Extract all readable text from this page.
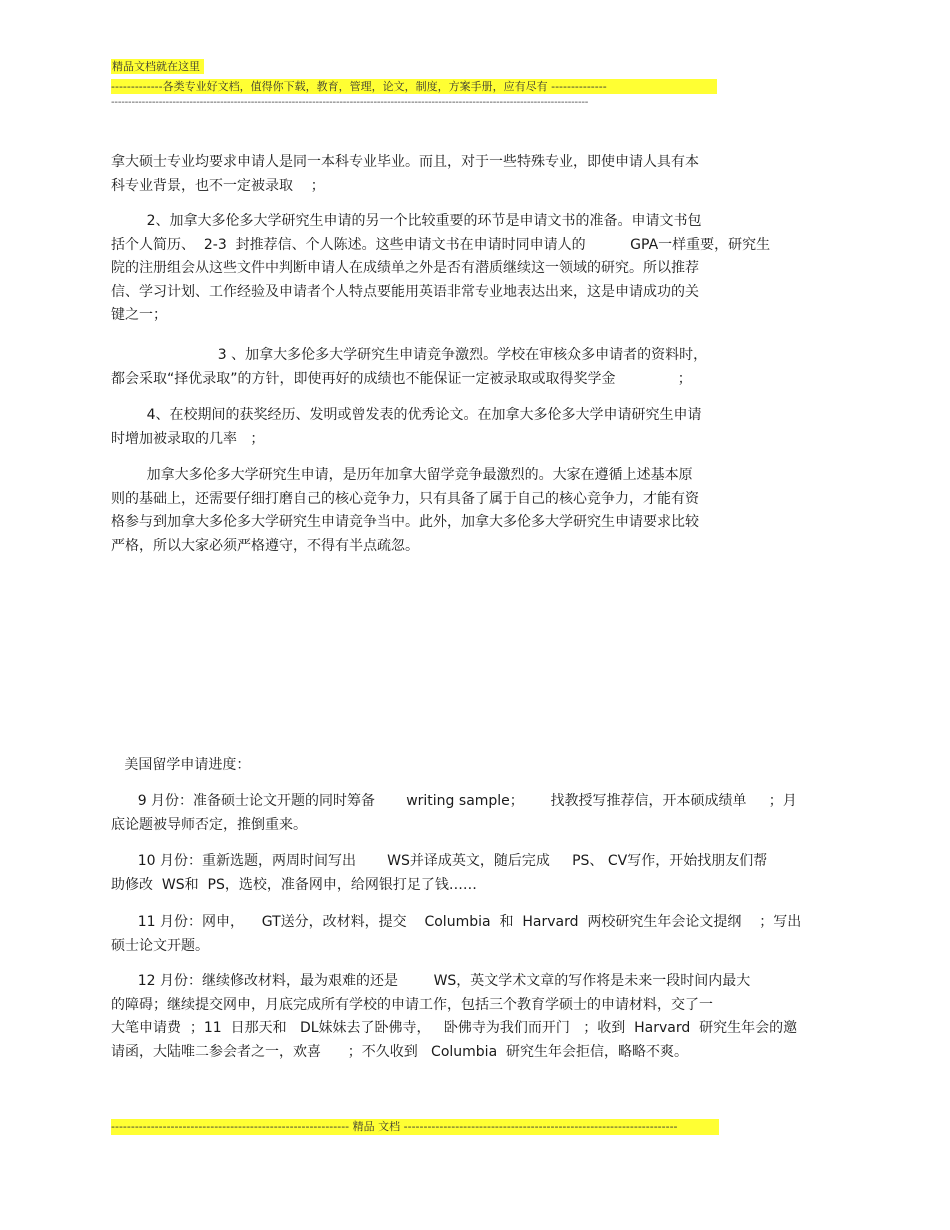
精品文档就在这里
-------------各类专业好文档，值得你下载，教育，管理，论文，制度，方案手册，应有尽有 --------------
--------------------------------------------------------------------------------------------------------------------------------------------
拿大硕士专业均要求申请人是同一本科专业毕业。而且，对于一些特殊专业，即使申请人具有本
科专业背景，也不一定被录取    ；
2、加拿大多伦多大学研究生申请的另一个比较重要的环节是申请文书的准备。申请文书包
括个人简历、  2-3  封推荐信、个人陈述。这些申请文书在申请时同申请人的          GPA一样重要，研究生
院的注册组会从这些文件中判断申请人在成绩单之外是否有潜质继续这一领域的研究。所以推荐
信、学习计划、工作经验及申请者个人特点要能用英语非常专业地表达出来，这是申请成功的关
键之一；
3 、加拿大多伦多大学研究生申请竞争激烈。学校在审核众多申请者的资料时，
都会采取“择优录取”的方针，即使再好的成绩也不能保证一定被录取或取得奖学金              ；
4、在校期间的获奖经历、发明或曾发表的优秀论文。在加拿大多伦多大学申请研究生申请
时增加被录取的几率   ；
加拿大多伦多大学研究生申请，是历年加拿大留学竞争最激烈的。大家在遵循上述基本原
则的基础上，还需要仔细打磨自己的核心竞争力，只有具备了属于自己的核心竞争力，才能有资
格参与到加拿大多伦多大学研究生申请竞争当中。此外，加拿大多伦多大学研究生申请要求比较
严格，所以大家必须严格遵守，不得有半点疏忽。
美国留学申请进度：
9 月份：准备硕士论文开题的同时筹备       writing sample；      找教授写推荐信，开本硕成绩单     ；月
底论题被导师否定，推倒重来。
10 月份：重新选题，两周时间写出       WS并译成英文，随后完成     PS、 CV写作，开始找朋友们帮
助修改  WS和  PS，选校，准备网申，给网银打足了钱……
11 月份：网申，    GT送分，改材料，提交    Columbia  和  Harvard  两校研究生年会论文提纲    ；写出
硕士论文开题。
12 月份：继续修改材料，最为艰难的还是        WS，英文学术文章的写作将是未来一段时间内最大
的障碍；继续提交网申，月底完成所有学校的申请工作，包括三个教育学硕士的申请材料，交了一
大笔申请费  ；11  日那天和   DL妹妹去了卧佛寺，   卧佛寺为我们而开门   ；收到  Harvard  研究生年会的邀
请函，大陆唯二参会者之一，欢喜      ；不久收到   Columbia  研究生年会拒信，略略不爽。
------------------------------------------------------------ 精品 文档 ---------------------------------------------------------------------
